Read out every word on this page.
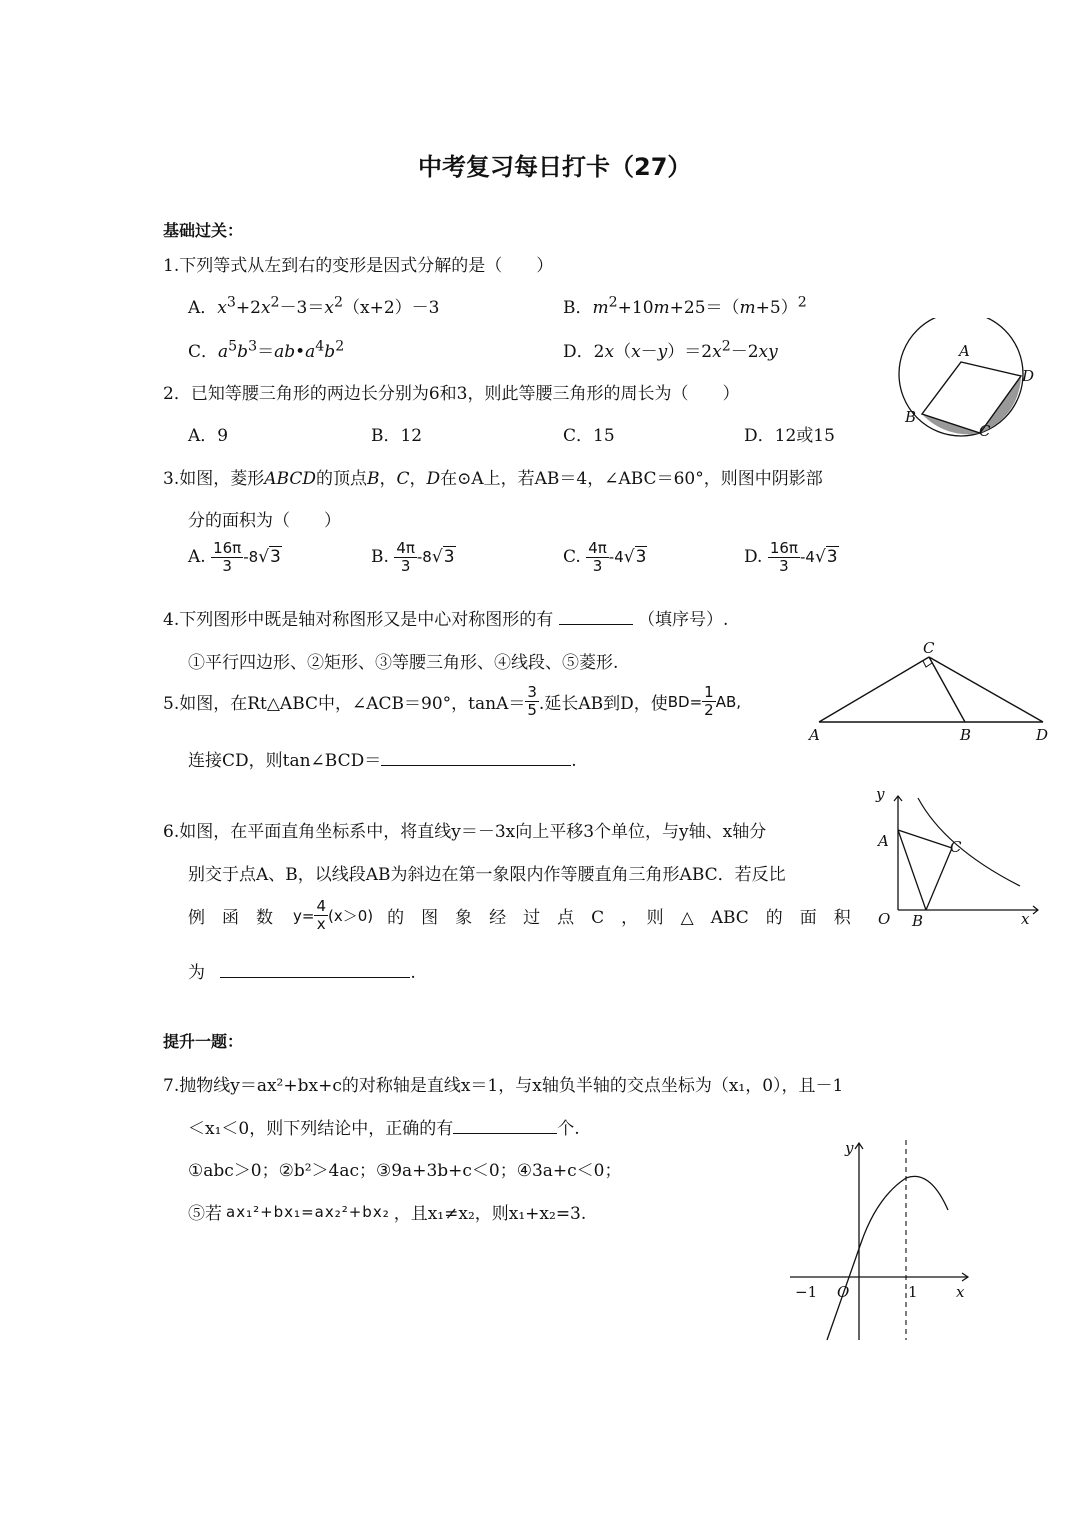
中考复习每日打卡（27）
基础过关：
1.下列等式从左到右的变形是因式分解的是（　　）
A．$x^3+2x^2-3=x^2(x+2)-3$	B．$m^2+10m+25=(m+5)^2$
C．$a^5b^3=ab•a^4b^2$	D．$2x(x-y)=2x^2-2xy$
2．已知等腰三角形的两边长分别为6和3，则此等腰三角形的周长为（　　）
A．9	B．12	C．15	D．12或15
3.如图，菱形ABCD的顶点B，C，D在⊙A上，若AB＝4，∠ABC＝60°，则图中阴影部
分的面积为（　　）
A. $\frac{16\pi}{3} -8√3$	B. $\frac{4\pi}{3} -8√3$	C. $\frac{4\pi}{3} -4√3$	D. $\frac{16\pi}{3} -4√3$
4.下列图形中既是轴对称图形又是中心对称图形的有	（填序号）.
①平行四边形、②矩形、③等腰三角形、④线段、⑤菱形.
5.如图，在Rt△ABC中，∠ACB＝90°，$\tan A= \frac{3}{5}$ .延长AB到D，使 $BD= \frac{1}{2}$ AB,
连接CD，则tan∠BCD＝	.
6.如图，在平面直角坐标系中，将直线y＝－3x向上平移3个单位，与y轴、x轴分
别交于点A、B，以线段AB为斜边在第一象限内作等腰直角三角形ABC．若反比
例　函　数 $y= \frac{4}{x} (x>0)$ 的　图　象　经　过　点　C　，　则　△　ABC　的　面　积
为	.
提升一题：
7.抛物线y＝ax²+bx+c的对称轴是直线x＝1，与x轴负半轴的交点坐标为（x₁，0），且－1
＜x₁＜0，则下列结论中，正确的有	个.
①abc＞0；②b²＞4ac；③9a+3b+c＜0；④3a+c＜0；
⑤若 ax₁²+bx₁=ax₂²+bx₂ ，且x₁≠x₂，则x₁+x₂=3.
A
B
C
D
C
A	B	D
y
A	C
O B	x
y
−1 O	1	x
